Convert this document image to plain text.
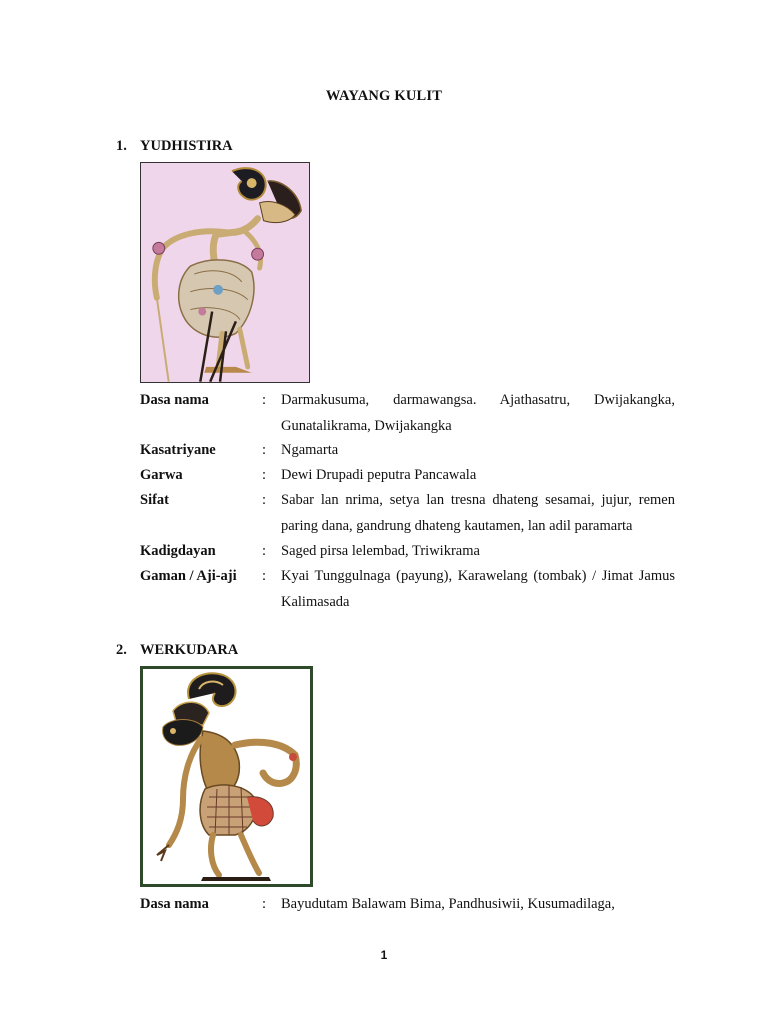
WAYANG KULIT
1. YUDHISTIRA
Dasa nama	: Darmakusuma, darmawangsa. Ajathasatru, Dwijakangka, Gunatalikrama, Dwijakangka
Kasatriyane	: Ngamarta
Garwa	: Dewi Drupadi peputra Pancawala
Sifat	: Sabar lan nrima, setya lan tresna dhateng sesamai, jujur, remen paring dana, gandrung dhateng kautamen, lan adil paramarta
Kadigdayan	: Saged pirsa lelembad, Triwikrama
Gaman / Aji-aji : Kyai Tunggulnaga (payung), Karawelang (tombak) / Jimat Jamus Kalimasada
2. WERKUDARA
Dasa nama	: Bayudutam Balawam Bima, Pandhusiwii, Kusumadilaga,
1
